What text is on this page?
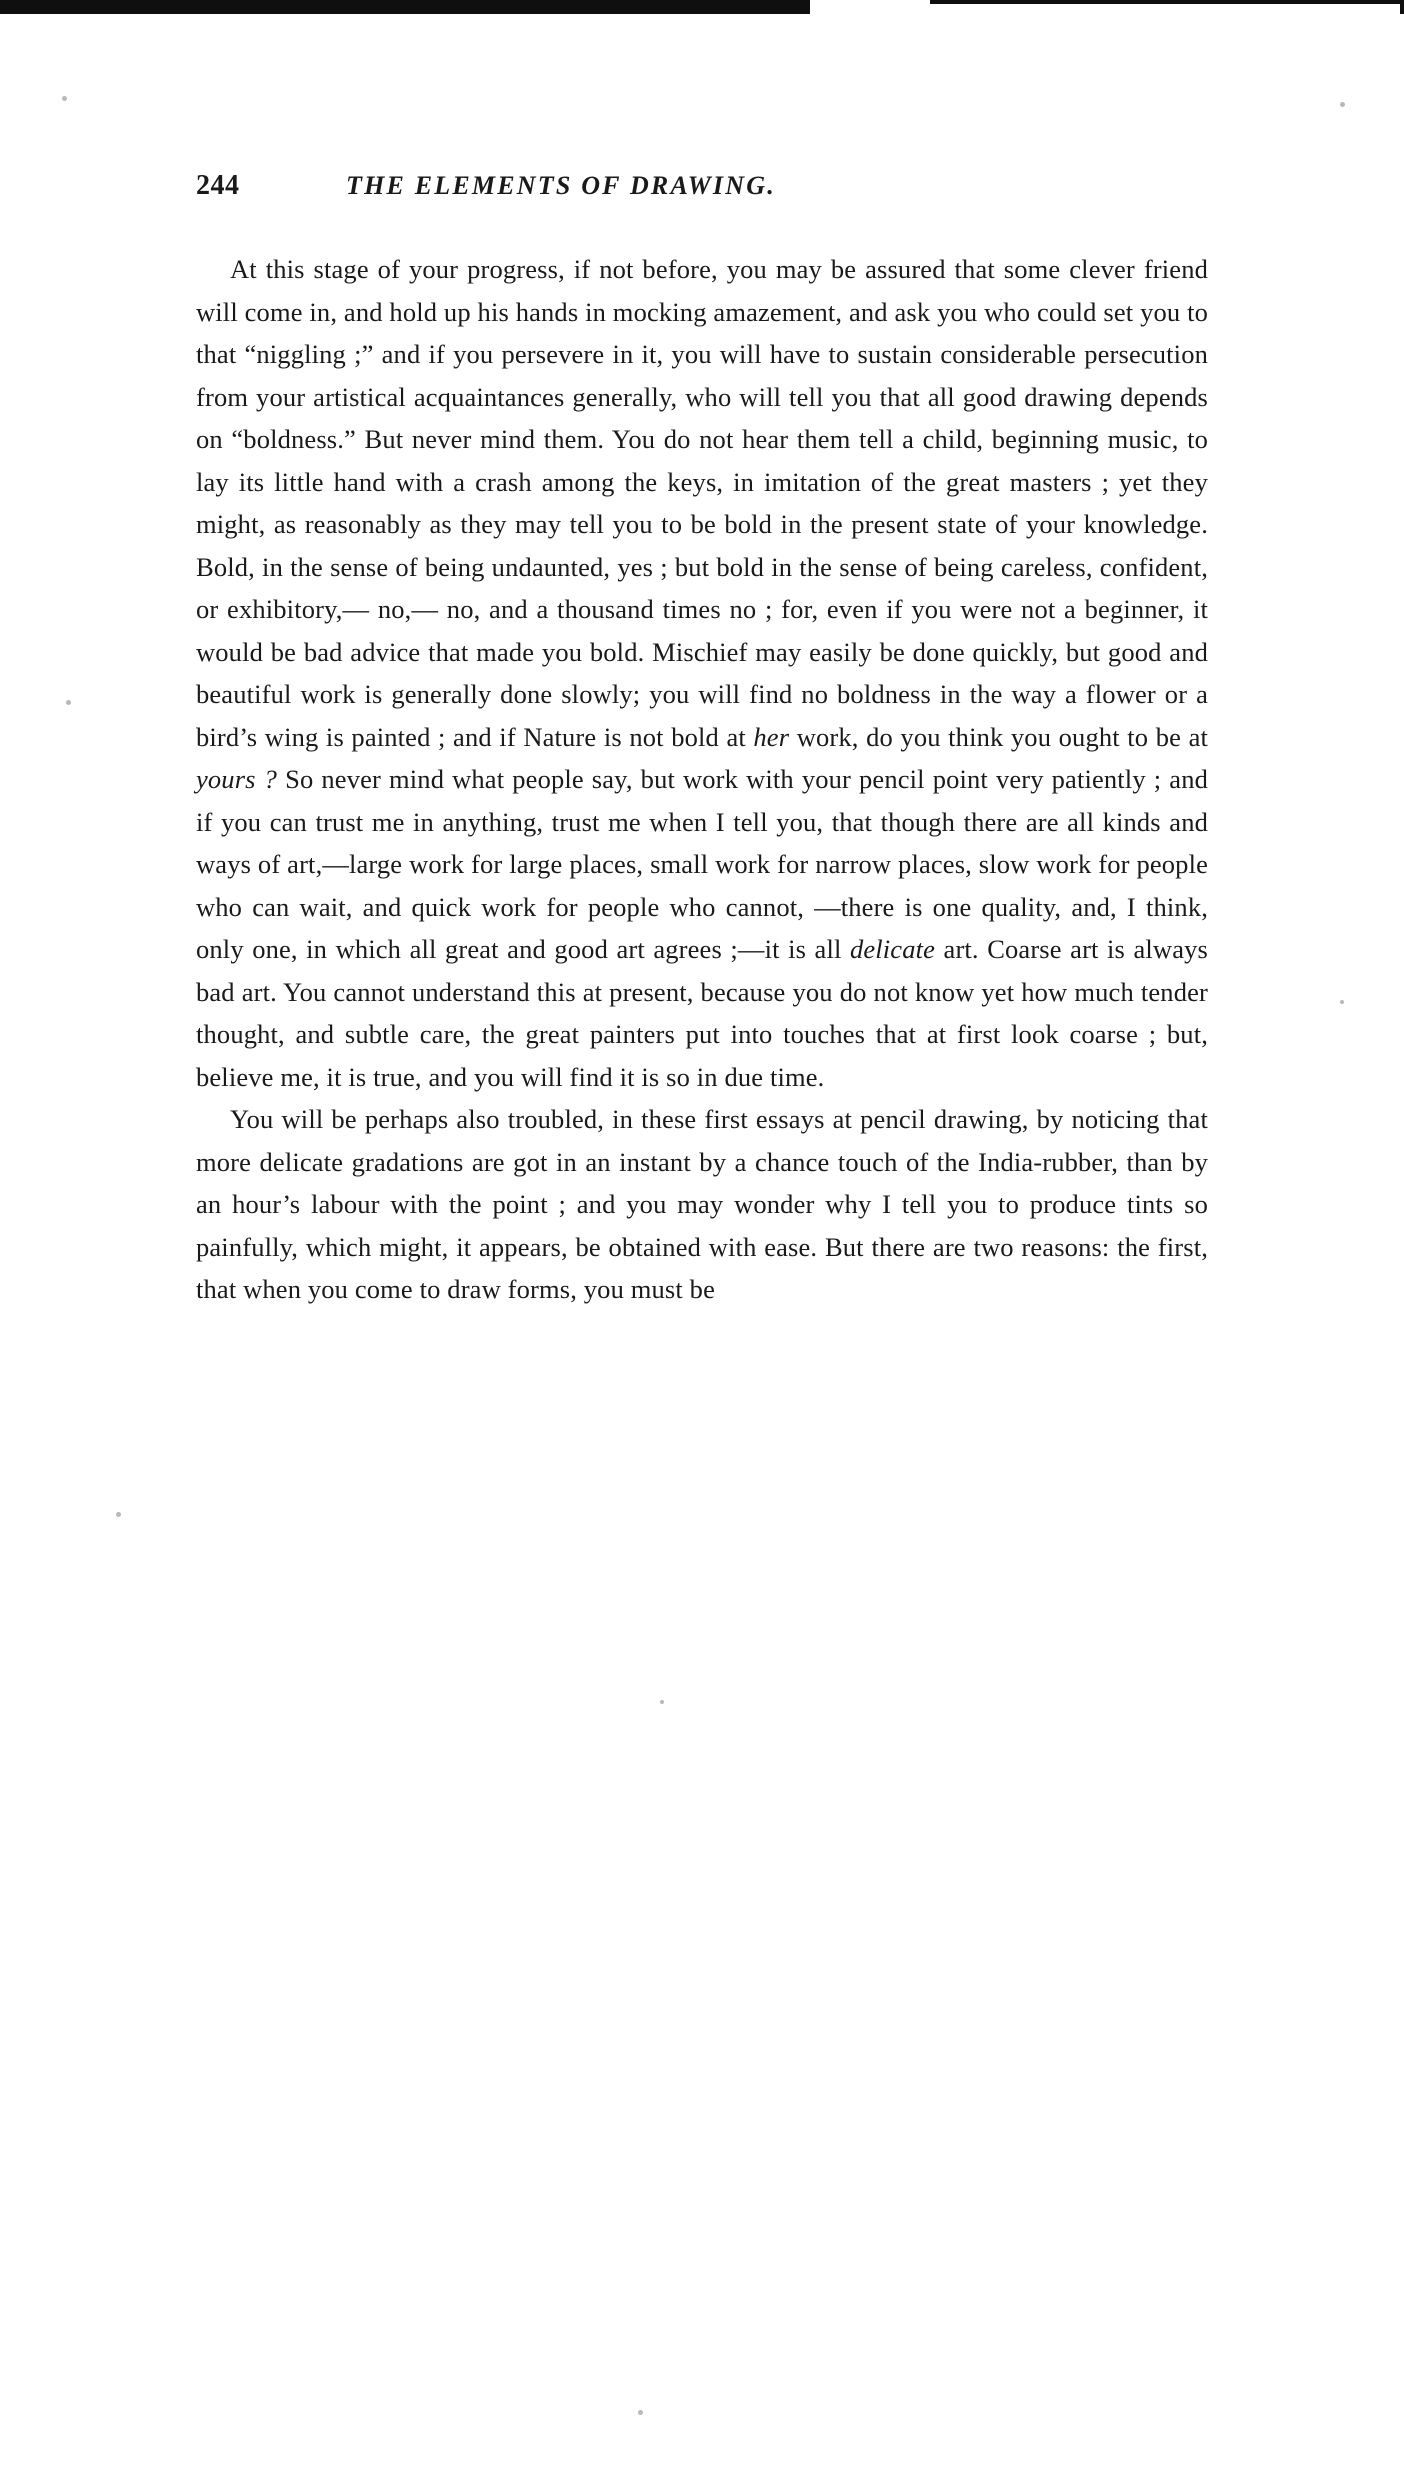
244	THE ELEMENTS OF DRAWING.

At this stage of your progress, if not before, you may be assured that some clever friend will come in, and hold up his hands in mocking amazement, and ask you who could set you to that “niggling ;” and if you persevere in it, you will have to sustain considerable persecution from your artistical acquaintances generally, who will tell you that all good drawing depends on “boldness.” But never mind them. You do not hear them tell a child, beginning music, to lay its little hand with a crash among the keys, in imitation of the great masters ; yet they might, as reasonably as they may tell you to be bold in the present state of your knowledge. Bold, in the sense of being undaunted, yes ; but bold in the sense of being careless, confident, or exhibitory,— no,— no, and a thousand times no ; for, even if you were not a beginner, it would be bad advice that made you bold. Mischief may easily be done quickly, but good and beautiful work is generally done slowly; you will find no boldness in the way a flower or a bird’s wing is painted ; and if Nature is not bold at her work, do you think you ought to be at yours ? So never mind what people say, but work with your pencil point very patiently ; and if you can trust me in anything, trust me when I tell you, that though there are all kinds and ways of art,—large work for large places, small work for narrow places, slow work for people who can wait, and quick work for people who cannot, —there is one quality, and, I think, only one, in which all great and good art agrees ;—it is all delicate art. Coarse art is always bad art. You cannot understand this at present, because you do not know yet how much tender thought, and subtle care, the great painters put into touches that at first look coarse ; but, believe me, it is true, and you will find it is so in due time.

You will be perhaps also troubled, in these first essays at pencil drawing, by noticing that more delicate gradations are got in an instant by a chance touch of the India-rubber, than by an hour’s labour with the point ; and you may wonder why I tell you to produce tints so painfully, which might, it appears, be obtained with ease. But there are two reasons: the first, that when you come to draw forms, you must be
